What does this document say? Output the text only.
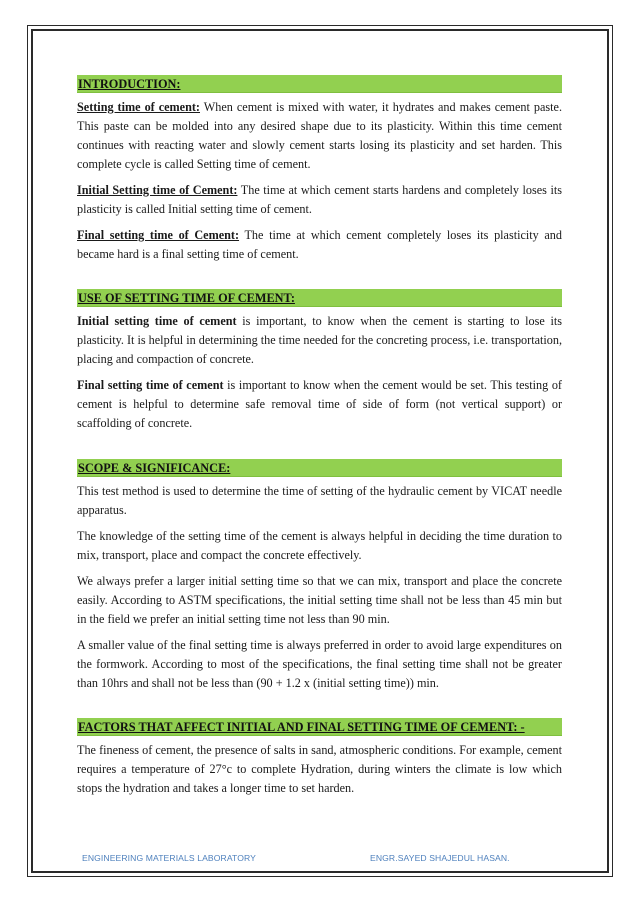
INTRODUCTION:

Setting time of cement: When cement is mixed with water, it hydrates and makes cement paste. This paste can be molded into any desired shape due to its plasticity. Within this time cement continues with reacting water and slowly cement starts losing its plasticity and set harden. This complete cycle is called Setting time of cement.

Initial Setting time of Cement: The time at which cement starts hardens and completely loses its plasticity is called Initial setting time of cement.

Final setting time of Cement: The time at which cement completely loses its plasticity and became hard is a final setting time of cement.

USE OF SETTING TIME OF CEMENT:

Initial setting time of cement is important, to know when the cement is starting to lose its plasticity. It is helpful in determining the time needed for the concreting process, i.e. transportation, placing and compaction of concrete.

Final setting time of cement is important to know when the cement would be set. This testing of cement is helpful to determine safe removal time of side of form (not vertical support) or scaffolding of concrete.

SCOPE & SIGNIFICANCE:

This test method is used to determine the time of setting of the hydraulic cement by VICAT needle apparatus.

The knowledge of the setting time of the cement is always helpful in deciding the time duration to mix, transport, place and compact the concrete effectively.

We always prefer a larger initial setting time so that we can mix, transport and place the concrete easily. According to ASTM specifications, the initial setting time shall not be less than 45 min but in the field we prefer an initial setting time not less than 90 min.

A smaller value of the final setting time is always preferred in order to avoid large expenditures on the formwork. According to most of the specifications, the final setting time shall not be greater than 10hrs and shall not be less than (90 + 1.2 x (initial setting time)) min.

FACTORS THAT AFFECT INITIAL AND FINAL SETTING TIME OF CEMENT: -

The fineness of cement, the presence of salts in sand, atmospheric conditions. For example, cement requires a temperature of 27°c to complete Hydration, during winters the climate is low which stops the hydration and takes a longer time to set harden.

ENGINEERING MATERIALS LABORATORY	ENGR.SAYED SHAJEDUL HASAN.
